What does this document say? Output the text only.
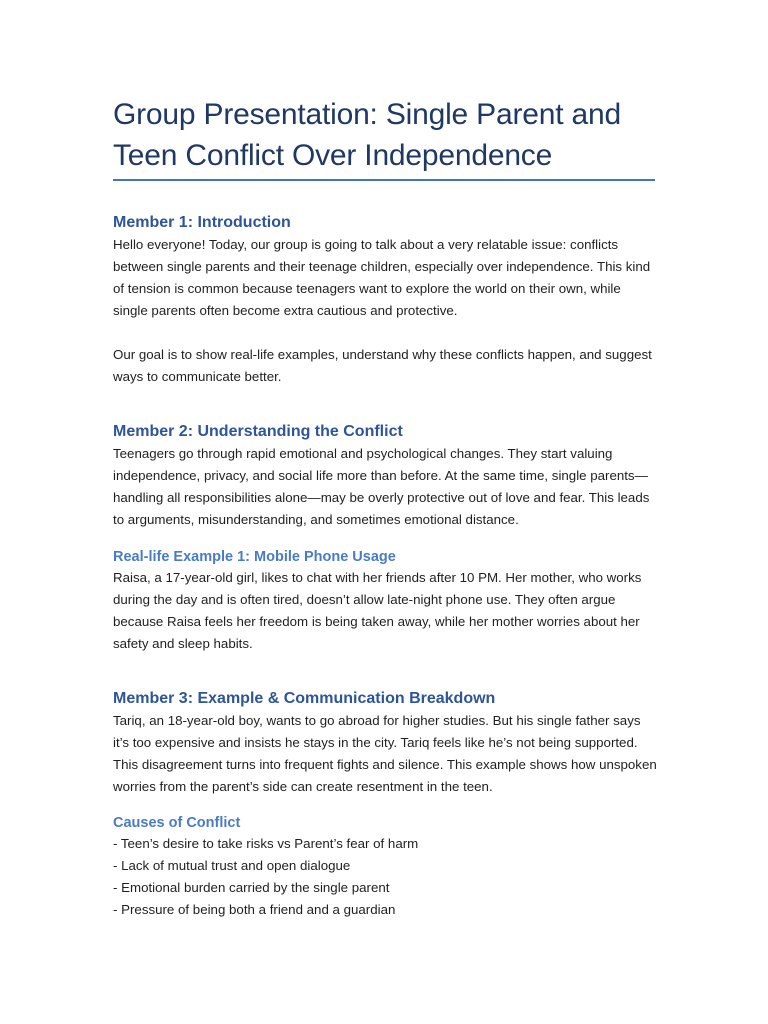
Group Presentation: Single Parent and Teen Conflict Over Independence
Member 1: Introduction

Hello everyone! Today, our group is going to talk about a very relatable issue: conflicts between single parents and their teenage children, especially over independence. This kind of tension is common because teenagers want to explore the world on their own, while single parents often become extra cautious and protective.

Our goal is to show real-life examples, understand why these conflicts happen, and suggest ways to communicate better.

Member 2: Understanding the Conflict

Teenagers go through rapid emotional and psychological changes. They start valuing independence, privacy, and social life more than before. At the same time, single parents—handling all responsibilities alone—may be overly protective out of love and fear. This leads to arguments, misunderstanding, and sometimes emotional distance.

Real-life Example 1: Mobile Phone Usage

Raisa, a 17-year-old girl, likes to chat with her friends after 10 PM. Her mother, who works during the day and is often tired, doesn’t allow late-night phone use. They often argue because Raisa feels her freedom is being taken away, while her mother worries about her safety and sleep habits.

Member 3: Example & Communication Breakdown

Tariq, an 18-year-old boy, wants to go abroad for higher studies. But his single father says it’s too expensive and insists he stays in the city. Tariq feels like he’s not being supported. This disagreement turns into frequent fights and silence. This example shows how unspoken worries from the parent’s side can create resentment in the teen.

Causes of Conflict

- Teen’s desire to take risks vs Parent’s fear of harm

- Lack of mutual trust and open dialogue

- Emotional burden carried by the single parent

- Pressure of being both a friend and a guardian
